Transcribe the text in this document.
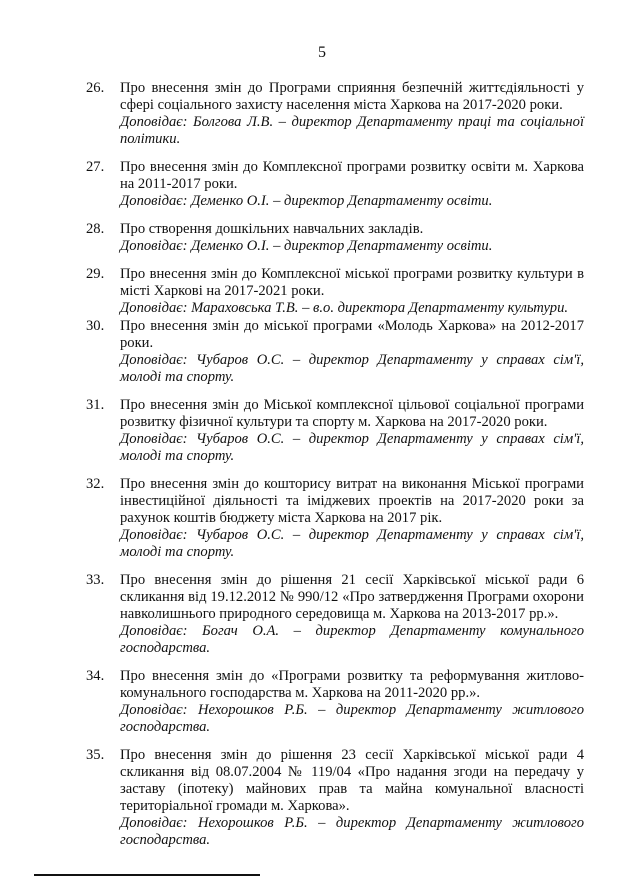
5
26.	Про внесення змін до Програми сприяння безпечній життєдіяльності у сфері соціального захисту населення міста Харкова на 2017-2020 роки.
Доповідає: Болгова Л.В. – директор Департаменту праці та соціальної політики.
27.	Про внесення змін до Комплексної програми розвитку освіти м. Харкова на 2011-2017 роки.
Доповідає: Деменко О.І. – директор Департаменту освіти.
28.	Про створення дошкільних навчальних закладів.
Доповідає: Деменко О.І. – директор Департаменту освіти.
29.	Про внесення змін до Комплексної міської програми розвитку культури в місті Харкові на 2017-2021 роки.
Доповідає: Мараховська Т.В. – в.о. директора Департаменту культури.
30.	Про внесення змін до міської програми «Молодь Харкова» на 2012-2017 роки.
Доповідає: Чубаров О.С. – директор Департаменту у справах сім'ї, молоді та спорту.
31.	Про внесення змін до Міської комплексної цільової соціальної програми розвитку фізичної культури та спорту м. Харкова на 2017-2020 роки.
Доповідає: Чубаров О.С. – директор Департаменту у справах сім'ї, молоді та спорту.
32.	Про внесення змін до кошторису витрат на виконання Міської програми інвестиційної діяльності та іміджевих проектів на 2017-2020 роки за рахунок коштів бюджету міста Харкова на 2017 рік.
Доповідає: Чубаров О.С. – директор Департаменту у справах сім'ї, молоді та спорту.
33.	Про внесення змін до рішення 21 сесії Харківської міської ради 6 скликання від 19.12.2012 № 990/12 «Про затвердження Програми охорони навколишнього природного середовища м. Харкова на 2013-2017 рр.».
Доповідає: Богач О.А. – директор Департаменту комунального господарства.
34.	Про внесення змін до «Програми розвитку та реформування житлово-комунального господарства м. Харкова на 2011-2020 рр.».
Доповідає: Нехорошков Р.Б. – директор Департаменту житлового господарства.
35.	Про внесення змін до рішення 23 сесії Харківської міської ради 4 скликання від 08.07.2004 № 119/04 «Про надання згоди на передачу у заставу (іпотеку) майнових прав та майна комунальної власності територіальної громади м. Харкова».
Доповідає: Нехорошков Р.Б. – директор Департаменту житлового господарства.
